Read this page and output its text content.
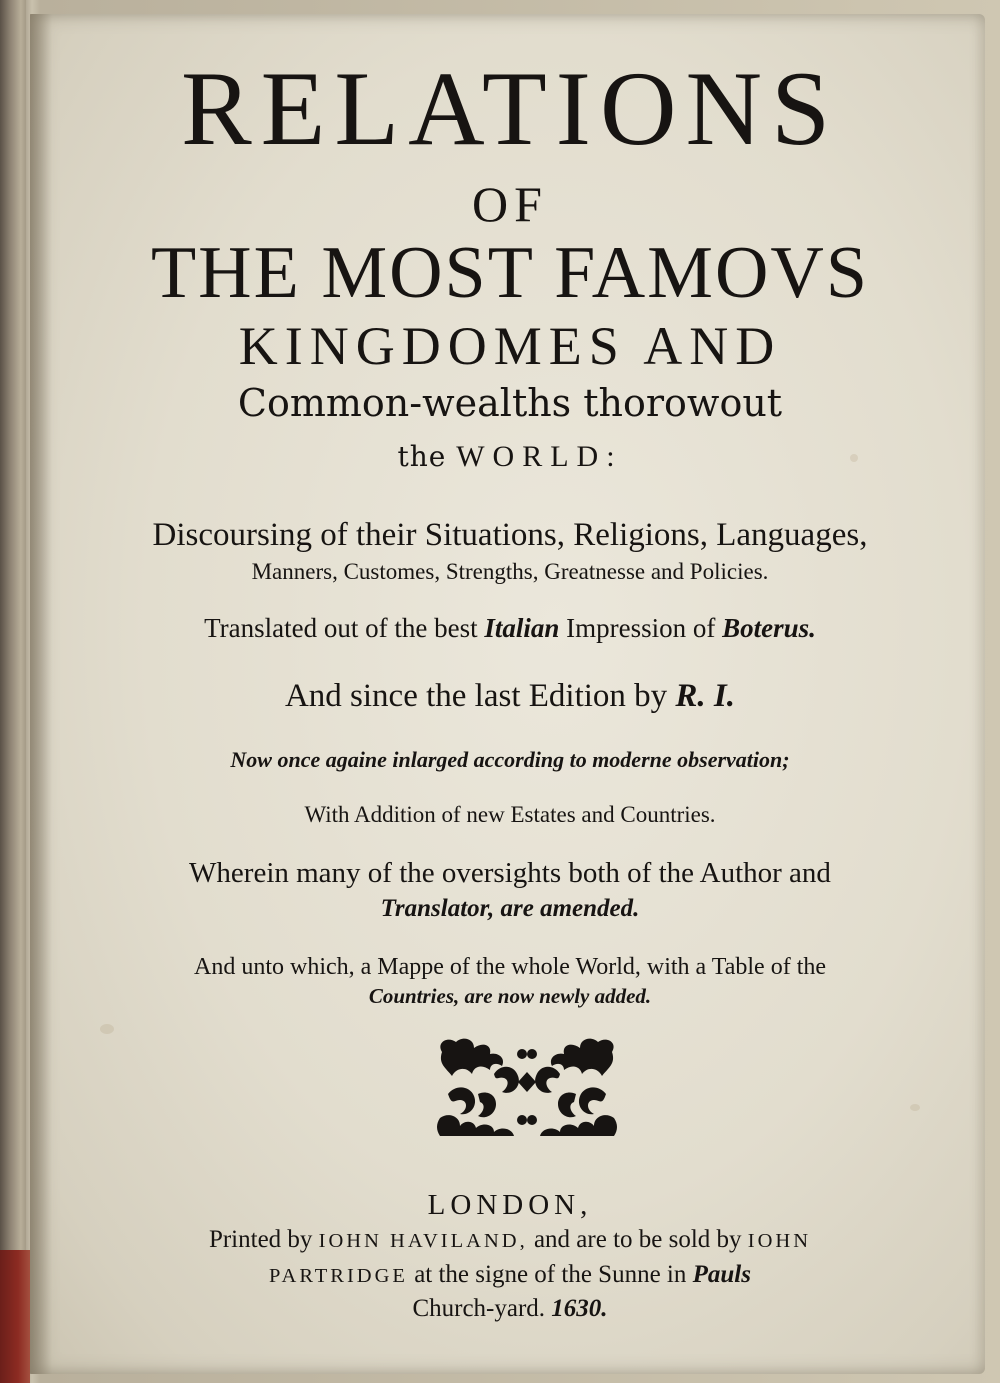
RELATIONS
OF
THE MOST FAMOVS
KINGDOMES AND
Common-wealths thorowout
the WORLD:
Discoursing of their Situations, Religions, Languages,
Manners, Customes, Strengths, Greatnesse and Policies.
Translated out of the best Italian Impression of Boterus.
And since the last Edition by R. I.
Now once againe inlarged according to moderne observation;
With Addition of new Estates and Countries.
Wherein many of the oversights both of the Author and
Translator, are amended.
And unto which, a Mappe of the whole World, with a Table of the
Countries, are now newly added.
LONDON,
Printed by IOHN HAVILAND, and are to be sold by IOHN
PARTRIDGE at the signe of the Sunne in Pauls
Church-yard. 1630.
